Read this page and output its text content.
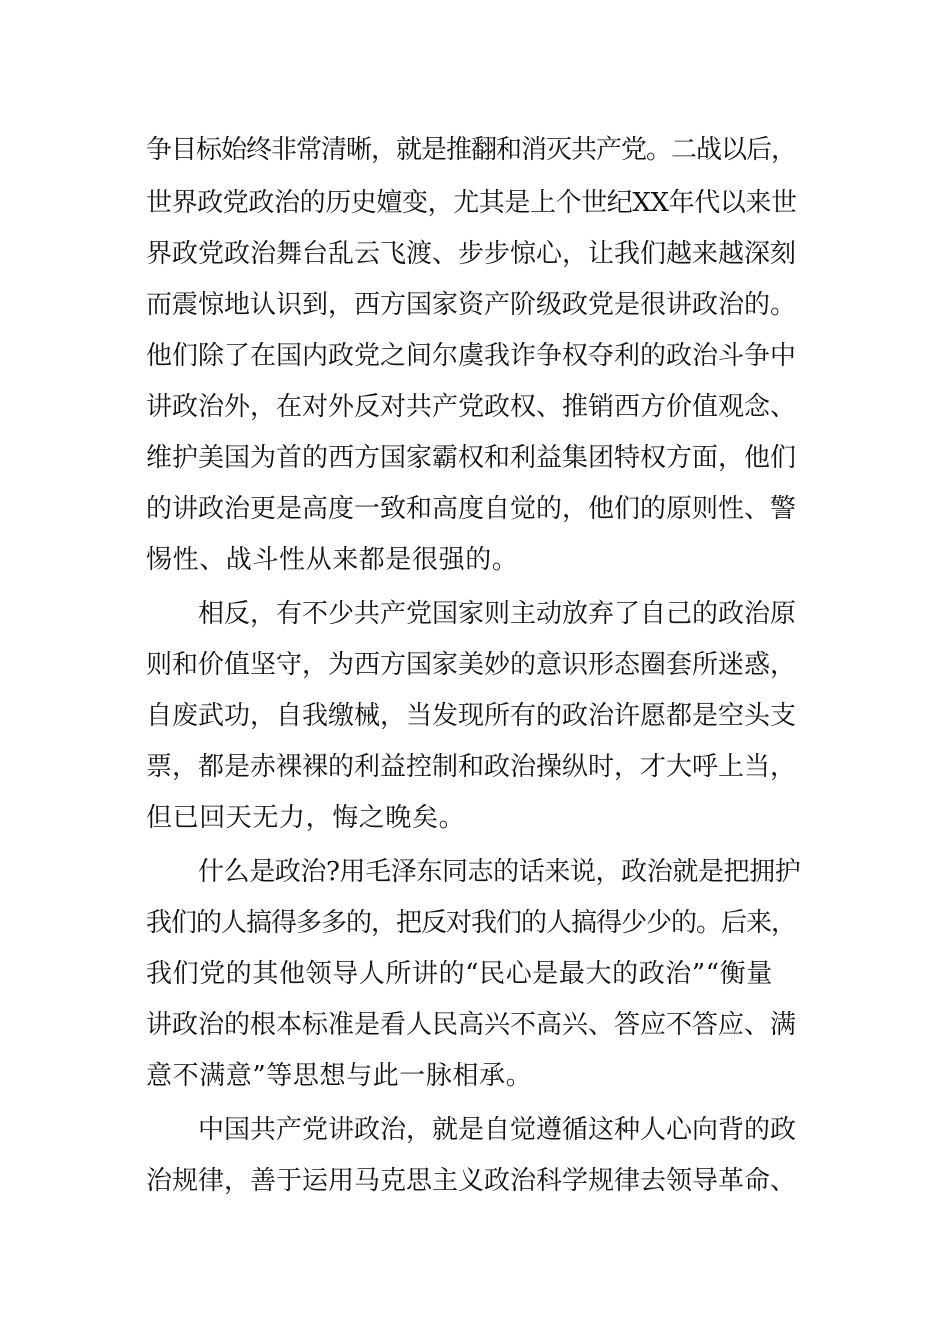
争目标始终非常清晰，就是推翻和消灭共产党。二战以后，

世界政党政治的历史嬗变，尤其是上个世纪XX年代以来世

界政党政治舞台乱云飞渡、步步惊心，让我们越来越深刻

而震惊地认识到，西方国家资产阶级政党是很讲政治的。

他们除了在国内政党之间尔虞我诈争权夺利的政治斗争中

讲政治外，在对外反对共产党政权、推销西方价值观念、

维护美国为首的西方国家霸权和利益集团特权方面，他们

的讲政治更是高度一致和高度自觉的，他们的原则性、警

惕性、战斗性从来都是很强的。

相反，有不少共产党国家则主动放弃了自己的政治原

则和价值坚守，为西方国家美妙的意识形态圈套所迷惑，

自废武功，自我缴械，当发现所有的政治许愿都是空头支

票，都是赤裸裸的利益控制和政治操纵时，才大呼上当，

但已回天无力，悔之晚矣。

什么是政治?用毛泽东同志的话来说，政治就是把拥护

我们的人搞得多多的，把反对我们的人搞得少少的。后来，

我们党的其他领导人所讲的“民心是最大的政治”“衡量

讲政治的根本标准是看人民高兴不高兴、答应不答应、满

意不满意”等思想与此一脉相承。

中国共产党讲政治，就是自觉遵循这种人心向背的政

治规律，善于运用马克思主义政治科学规律去领导革命、
